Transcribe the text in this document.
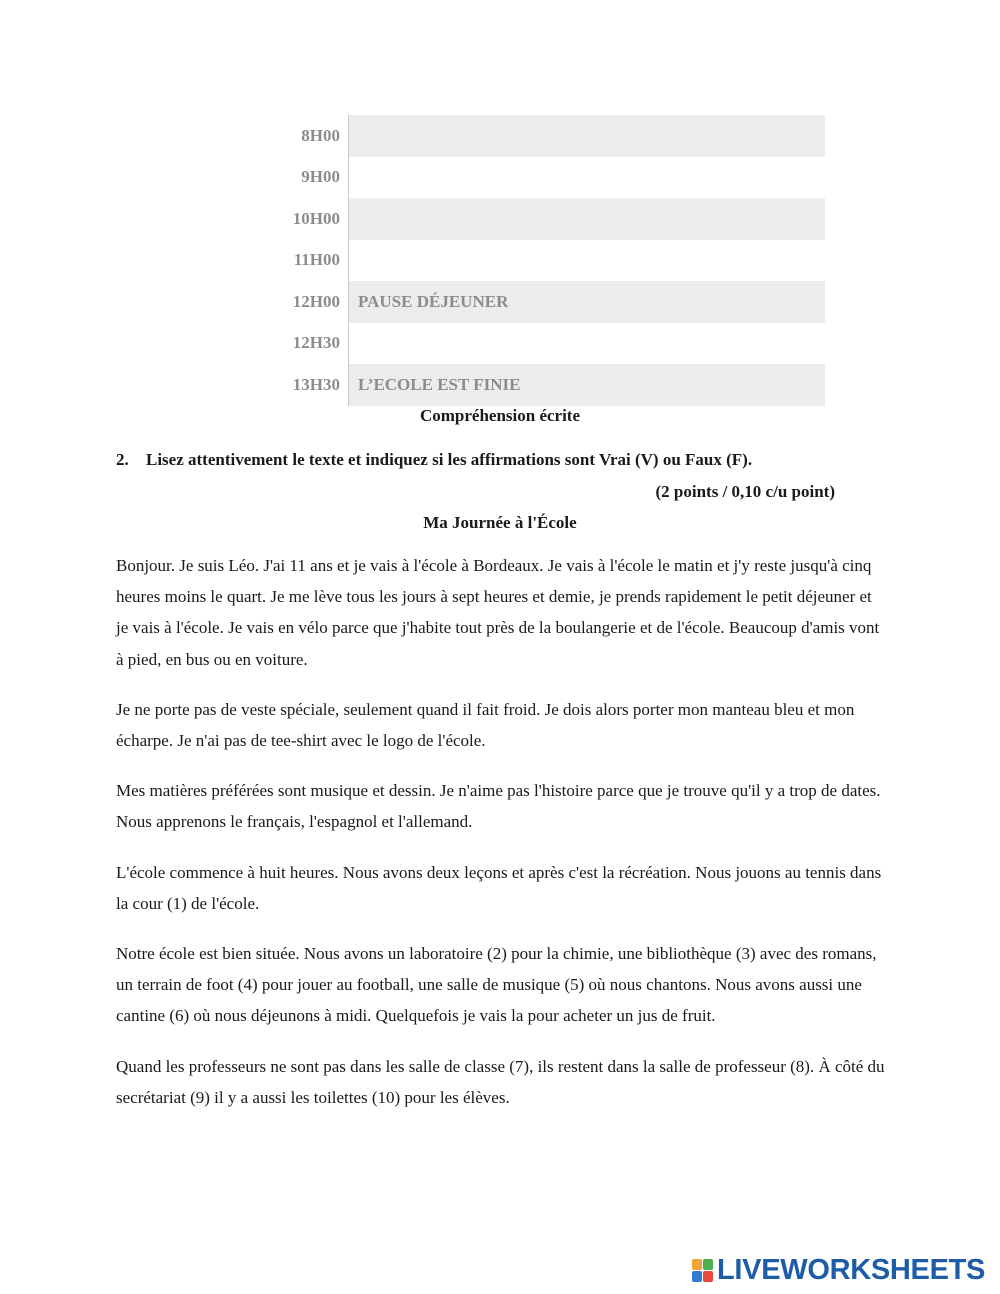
8H00	
9H00	
10H00	
11H00	
12H00	PAUSE DÉJEUNER
12H30	
13H30	L’ECOLE EST FINIE
Compréhension écrite
2. Lisez attentivement le texte et indiquez si les affirmations sont Vrai (V) ou Faux (F).
(2 points / 0,10 c/u point)
Ma Journée à l'École

Bonjour. Je suis Léo. J'ai 11 ans et je vais à l'école à Bordeaux. Je vais à l'école le matin et j'y reste jusqu'à cinq heures moins le quart. Je me lève tous les jours à sept heures et demie, je prends rapidement le petit déjeuner et je vais à l'école. Je vais en vélo parce que j'habite tout près de la boulangerie et de l'école. Beaucoup d'amis vont à pied, en bus ou en voiture.

Je ne porte pas de veste spéciale, seulement quand il fait froid. Je dois alors porter mon manteau bleu et mon écharpe. Je n'ai pas de tee-shirt avec le logo de l'école.

Mes matières préférées sont musique et dessin. Je n'aime pas l'histoire parce que je trouve qu'il y a trop de dates. Nous apprenons le français, l'espagnol et l'allemand.

L'école commence à huit heures. Nous avons deux leçons et après c'est la récréation. Nous jouons au tennis dans la cour (1) de l'école.

Notre école est bien située. Nous avons un laboratoire (2) pour la chimie, une bibliothèque (3) avec des romans, un terrain de foot (4) pour jouer au football, une salle de musique (5) où nous chantons. Nous avons aussi une cantine (6) où nous déjeunons à midi. Quelquefois je vais la pour acheter un jus de fruit.

Quand les professeurs ne sont pas dans les salle de classe (7), ils restent dans la salle de professeur (8). À côté du secrétariat (9) il y a aussi les toilettes (10) pour les élèves.

LIVEWORKSHEETS
